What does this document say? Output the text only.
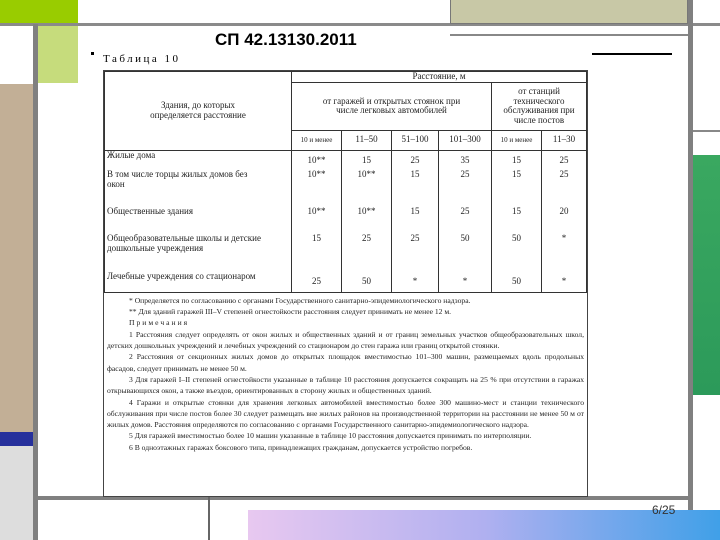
СП 42.13130.2011
Таблица 10
Здания, до которых определяется расстояние	Расстояние, м					
	от гаражей и открытых стоянок при числе легковых автомобилей				от станций технического обслуживания при числе постов	
	10 и менее	11–50	51–100	101–300	10 и менее	11–30
Жилые дома	10**	15	25	35	15	25
В том числе торцы жилых домов без окон	10**	10**	15	25	15	25
Общественные здания	10**	10**	15	25	15	20
Общеобразовательные школы и детские дошкольные учреждения	15	25	25	50	50	*
Лечебные учреждения со стационаром	25	50	*	*	50	*

* Определяется по согласованию с органами Государственного санитарно-эпидемиологического надзора.

** Для зданий гаражей III–V степеней огнестойкости расстояния следует принимать не менее 12 м.

Примечания

1 Расстояния следует определять от окон жилых и общественных зданий и от границ земельных участков общеобразовательных школ, детских дошкольных учреждений и лечебных учреждений со стационаром до стен гаража или границ открытой стоянки.

2 Расстояния от секционных жилых домов до открытых площадок вместимостью 101–300 машин, размещаемых вдоль продольных фасадов, следует принимать не менее 50 м.

3 Для гаражей I–II степеней огнестойкости указанные в таблице 10 расстояния допускается сокращать на 25 % при отсутствии в гаражах открывающихся окон, а также въездов, ориентированных в сторону жилых и общественных зданий.

4 Гаражи и открытые стоянки для хранения легковых автомобилей вместимостью более 300 машино-мест и станции технического обслуживания при числе постов более 30 следует размещать вне жилых районов на производственной территории на расстоянии не менее 50 м от жилых домов. Расстояния определяются по согласованию с органами Государственного санитарно-эпидемиологического надзора.

5 Для гаражей вместимостью более 10 машин указанные в таблице 10 расстояния допускается принимать по интерполяции.

6 В одноэтажных гаражах боксового типа, принадлежащих гражданам, допускается устройство погребов.

6/25
